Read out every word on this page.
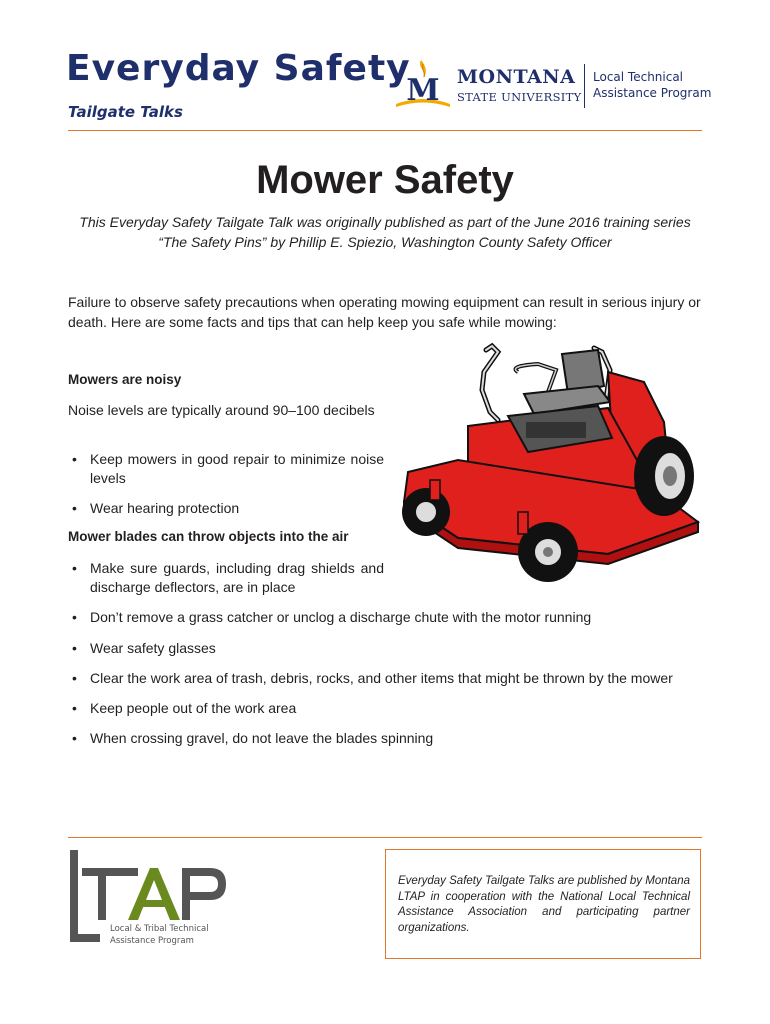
Everyday Safety
Tailgate Talks
M MONTANA
STATE UNIVERSITY
Local Technical
Assistance Program
Mower Safety
This Everyday Safety Tailgate Talk was originally published as part of the June 2016 training series “The Safety Pins” by Phillip E. Spiezio, Washington County Safety Officer
Failure to observe safety precautions when operating mowing equipment can result in serious injury or death. Here are some facts and tips that can help keep you safe while mowing:
Mowers are noisy
Noise levels are typically around 90–100 decibels
• Keep mowers in good repair to minimize noise levels
• Wear hearing protection
Mower blades can throw objects into the air
• Make sure guards, including drag shields and discharge deflectors, are in place
• Don’t remove a grass catcher or unclog a discharge chute with the motor running
• Wear safety glasses
• Clear the work area of trash, debris, rocks, and other items that might be thrown by the mower
• Keep people out of the work area
• When crossing gravel, do not leave the blades spinning
Local & Tribal Technical
Assistance Program
Everyday Safety Tailgate Talks are published by Montana LTAP in cooperation with the National Local Technical Assistance Association and participating partner organizations.
